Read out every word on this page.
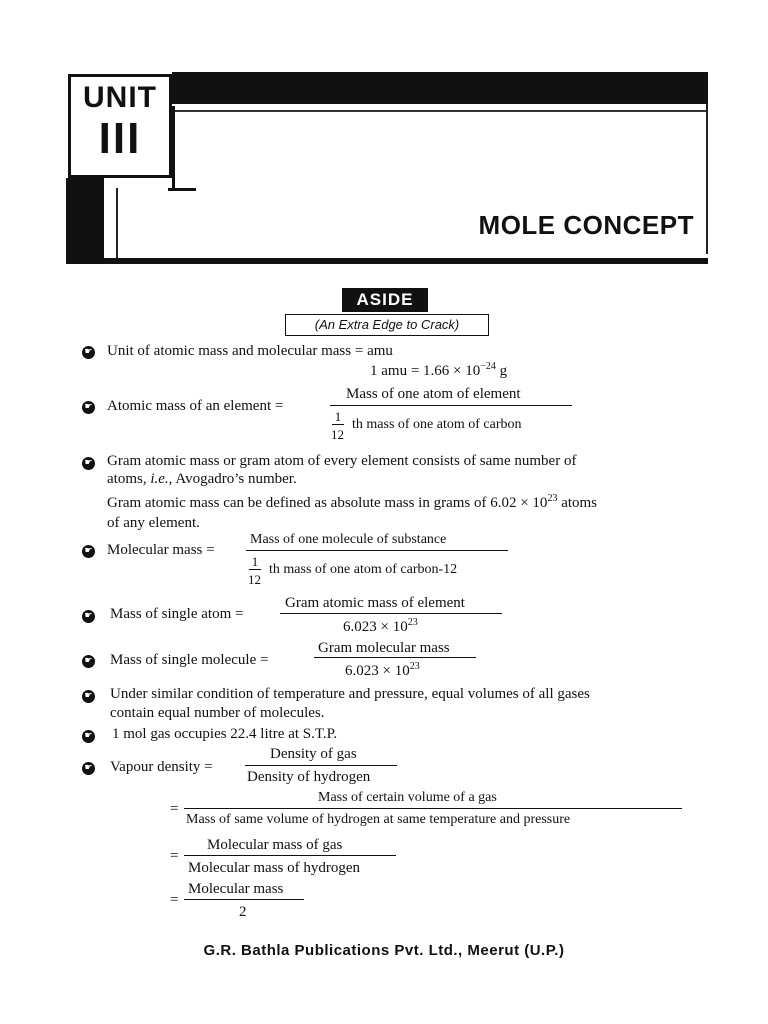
UNIT
III
MOLE CONCEPT
ASIDE
(An Extra Edge to Crack)
☛ Unit of atomic mass and molecular mass = amu
1 amu = $1.66 \times 10^{-24}$ g
☛ Atomic mass of an element =
Mass of one atom of element
1
12
th mass of one atom of carbon
☛ Gram atomic mass or gram atom of every element consists of same number of
atoms, i.e., Avogadro’s number.
Gram atomic mass can be defined as absolute mass in grams of $6.02 \times 10^{23}$ atoms
of any element.
☛ Molecular mass =
Mass of one molecule of substance
1
12
th mass of one atom of carbon-12
☛ Mass of single atom =
Gram atomic mass of element
$6.023 \times 10^{23}$
☛ Mass of single molecule =
Gram molecular mass
$6.023 \times 10^{23}$
☛ Under similar condition of temperature and pressure, equal volumes of all gases
contain equal number of molecules.
☛ 1 mol gas occupies 22.4 litre at S.T.P.
☛ Vapour density =
Density of gas
Density of hydrogen
=
Mass of certain volume of a gas
Mass of same volume of hydrogen at same temperature and pressure
=
Molecular mass of gas
Molecular mass of hydrogen
=
Molecular mass
2
G.R. Bathla Publications Pvt. Ltd., Meerut (U.P.)
